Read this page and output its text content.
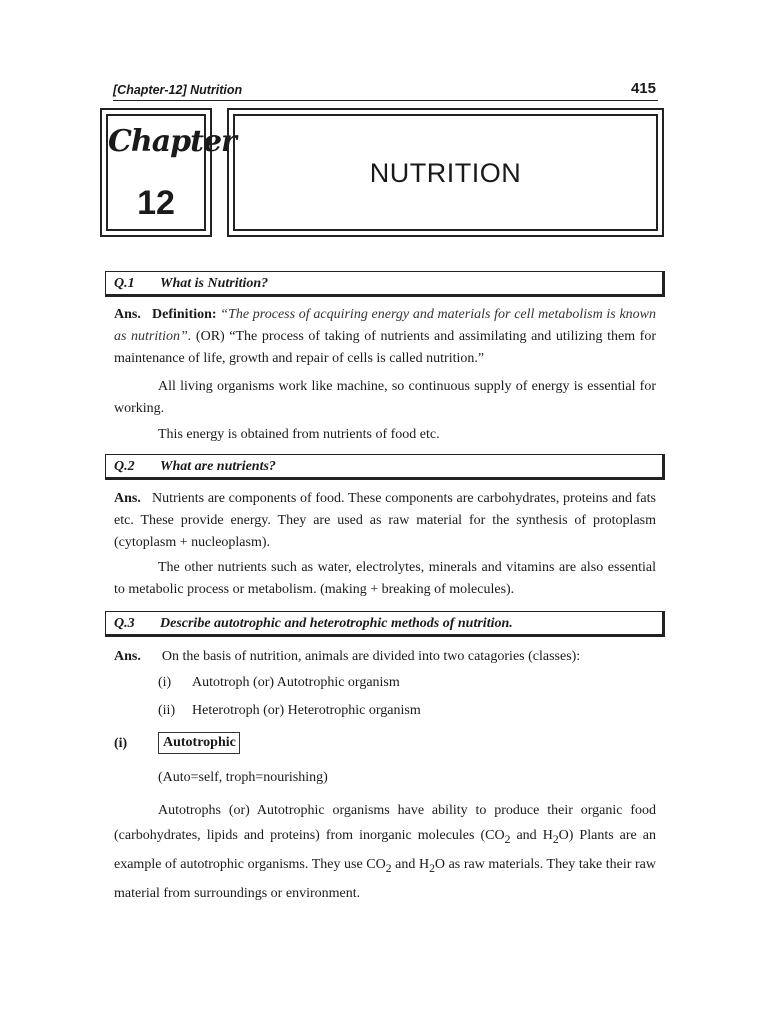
[Chapter-12] Nutrition	415
Chapter
12
NUTRITION
Q.1 What is Nutrition?
Ans. Definition: “The process of acquiring energy and materials for cell metabolism is known as nutrition”. (OR) “The process of taking of nutrients and assimilating and utilizing them for maintenance of life, growth and repair of cells is called nutrition.”
All living organisms work like machine, so continuous supply of energy is essential for working.
This energy is obtained from nutrients of food etc.
Q.2 What are nutrients?
Ans. Nutrients are components of food. These components are carbohydrates, proteins and fats etc. These provide energy. They are used as raw material for the synthesis of protoplasm (cytoplasm + nucleoplasm).
The other nutrients such as water, electrolytes, minerals and vitamins are also essential to metabolic process or metabolism. (making + breaking of molecules).
Q.3 Describe autotrophic and heterotrophic methods of nutrition.
Ans. On the basis of nutrition, animals are divided into two catagories (classes):
(i) Autotroph (or) Autotrophic organism
(ii) Heterotroph (or) Heterotrophic organism
(i)	Autotrophic
(Auto=self, troph=nourishing)
Autotrophs (or) Autotrophic organisms have ability to produce their organic food (carbohydrates, lipids and proteins) from inorganic molecules ($CO_2$ and $H_2O$) Plants are an example of autotrophic organisms. They use $CO_2$ and $H_2O$ as raw materials. They take their raw material from surroundings or environment.
